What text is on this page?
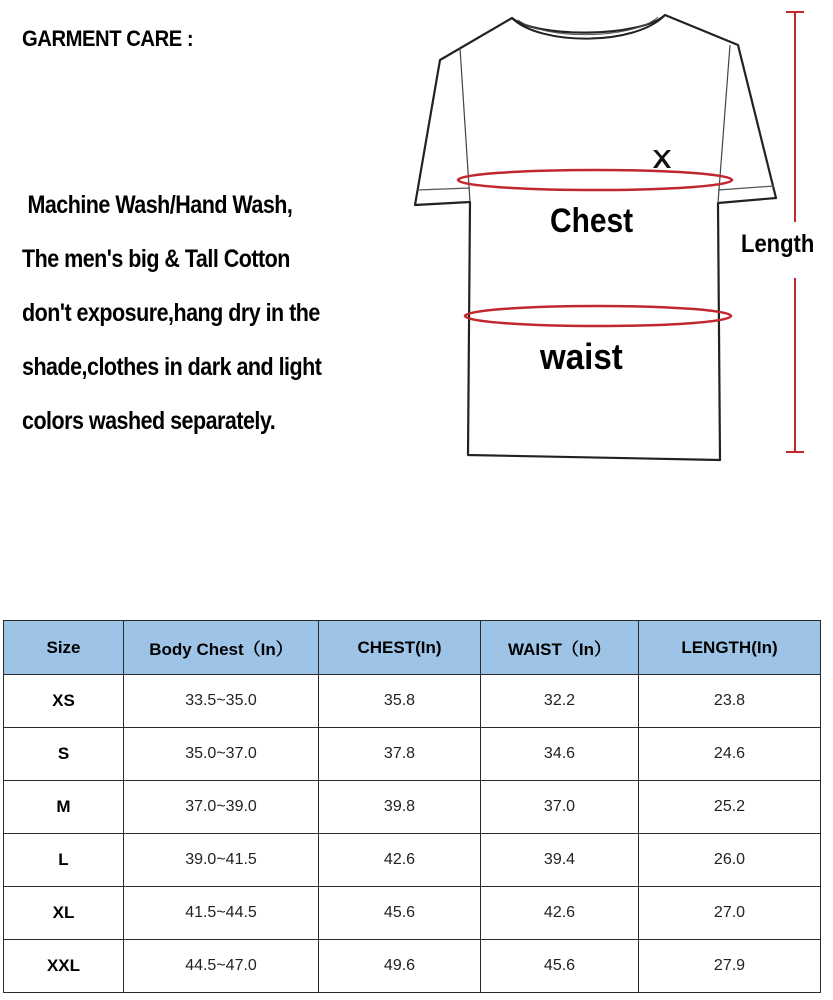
GARMENT CARE :
Machine Wash/Hand Wash,
The men's big & Tall Cotton
don't exposure,hang dry in the
shade,clothes in dark and light
colors washed separately.
Chest
waist
Length
Size	Body Chest（In）	CHEST(In)	WAIST（In）	LENGTH(In)
XS	33.5~35.0	35.8	32.2	23.8
S	35.0~37.0	37.8	34.6	24.6
M	37.0~39.0	39.8	37.0	25.2
L	39.0~41.5	42.6	39.4	26.0
XL	41.5~44.5	45.6	42.6	27.0
XXL	44.5~47.0	49.6	45.6	27.9
